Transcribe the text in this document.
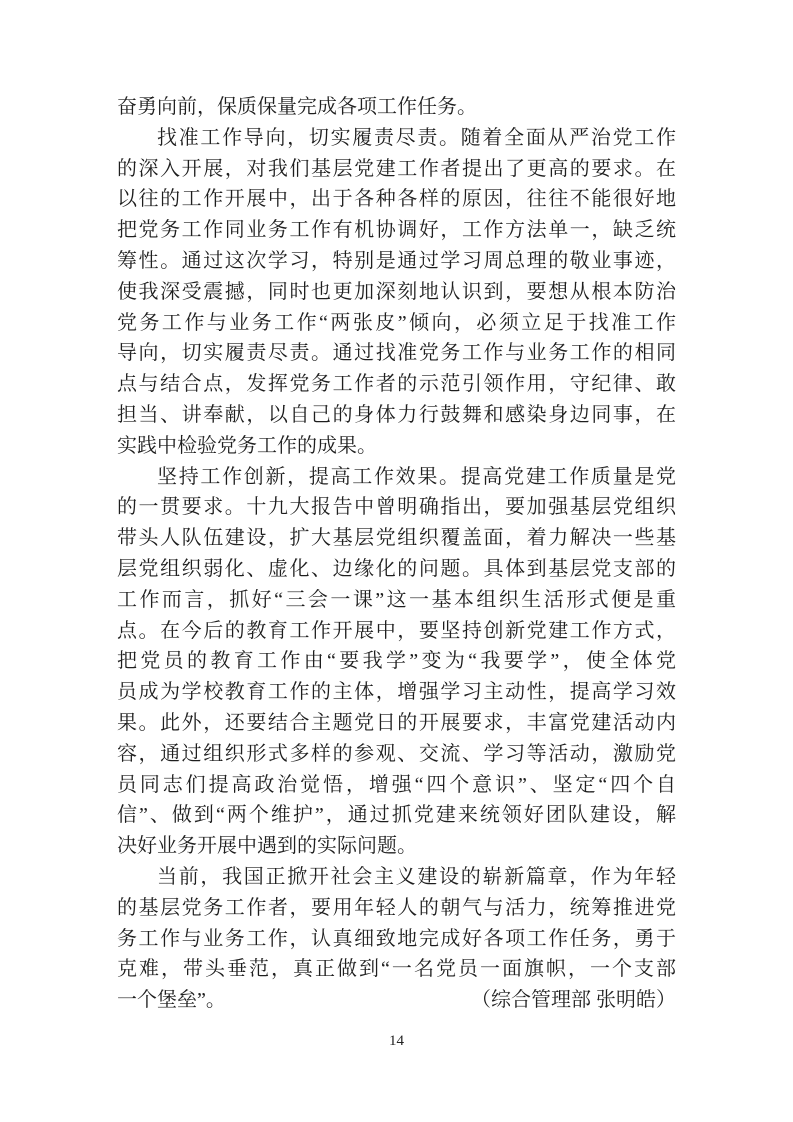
奋勇向前，保质保量完成各项工作任务。
找准工作导向，切实履责尽责。随着全面从严治党工作
的深入开展，对我们基层党建工作者提出了更高的要求。在
以往的工作开展中，出于各种各样的原因，往往不能很好地
把党务工作同业务工作有机协调好，工作方法单一，缺乏统
筹性。通过这次学习，特别是通过学习周总理的敬业事迹，
使我深受震撼，同时也更加深刻地认识到，要想从根本防治
党务工作与业务工作“两张皮”倾向，必须立足于找准工作
导向，切实履责尽责。通过找准党务工作与业务工作的相同
点与结合点，发挥党务工作者的示范引领作用，守纪律、敢
担当、讲奉献，以自己的身体力行鼓舞和感染身边同事，在
实践中检验党务工作的成果。
坚持工作创新，提高工作效果。提高党建工作质量是党
的一贯要求。十九大报告中曾明确指出，要加强基层党组织
带头人队伍建设，扩大基层党组织覆盖面，着力解决一些基
层党组织弱化、虚化、边缘化的问题。具体到基层党支部的
工作而言，抓好“三会一课”这一基本组织生活形式便是重
点。在今后的教育工作开展中，要坚持创新党建工作方式，
把党员的教育工作由“要我学”变为“我要学”，使全体党
员成为学校教育工作的主体，增强学习主动性，提高学习效
果。此外，还要结合主题党日的开展要求，丰富党建活动内
容，通过组织形式多样的参观、交流、学习等活动，激励党
员同志们提高政治觉悟，增强“四个意识”、坚定“四个自
信”、做到“两个维护”，通过抓党建来统领好团队建设，解
决好业务开展中遇到的实际问题。
当前，我国正掀开社会主义建设的崭新篇章，作为年轻
的基层党务工作者，要用年轻人的朝气与活力，统筹推进党
务工作与业务工作，认真细致地完成好各项工作任务，勇于
克难，带头垂范，真正做到“一名党员一面旗帜，一个支部
一个堡垒”。	（综合管理部 张明皓）
14
